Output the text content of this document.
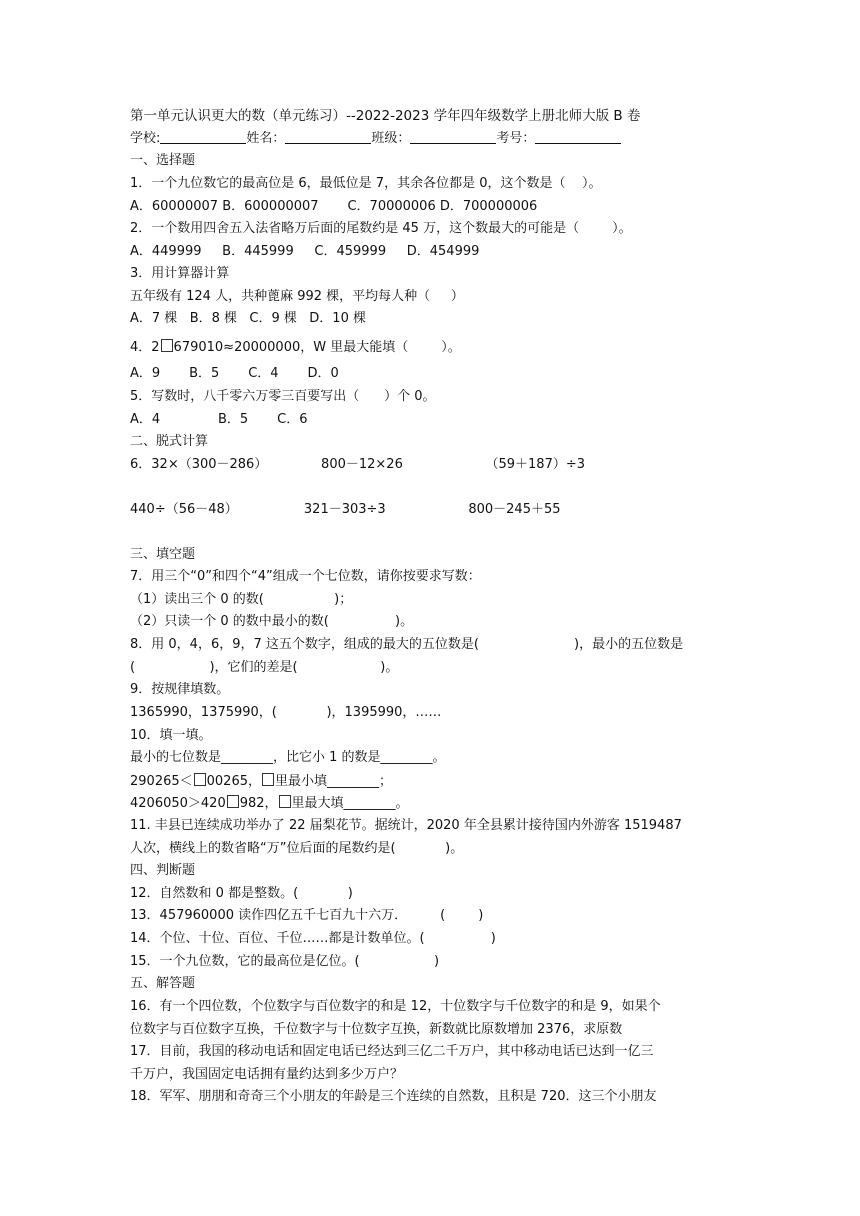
第一单元认识更大的数（单元练习）--2022-2023 学年四年级数学上册北师大版 B 卷
学校:	姓名：	班级：	考号：
一、选择题
1．一个九位数它的最高位是 6，最低位是 7，其余各位都是 0，这个数是（    ）。
A．60000007 B．600000007       C．70000006 D．700000006
2．一个数用四舍五入法省略万后面的尾数约是 45 万，这个数最大的可能是（        ）。
A．449999     B．445999     C．459999     D．454999
3．用计算器计算
五年级有 124 人，共种蓖麻 992 棵，平均每人种（     ）
A．7 棵   B．8 棵   C．9 棵   D．10 棵
4．2 679010≈20000000，W 里最大能填（        ）。
A．9       B．5       C．4       D．0
5．写数时，八千零六万零三百要写出（      ）个 0。
A．4              B．5       C．6
二、脱式计算
6．32×（300－286）             800－12×26                    （59＋187）÷3
440÷（56－48）                321－303÷3                    800－245＋55
三、填空题
7．用三个“0”和四个“4”组成一个七位数，请你按要求写数：
（1）读出三个 0 的数(                 )；
（2）只读一个 0 的数中最小的数(                )。
8．用 0，4，6，9，7 这五个数字，组成的最大的五位数是(                       )，最小的五位数是
(                  )，它们的差是(                    )。
9．按规律填数。
1365990，1375990，(            )，1395990，……
10．填一填。
最小的七位数是________，比它小 1 的数是________。
290265＜ 00265， 里最小填________；
4206050＞420 982， 里最大填________。
11. 丰县已连续成功举办了 22 届梨花节。据统计，2020 年全县累计接待国内外游客 1519487
人次，横线上的数省略“万”位后面的尾数约是(            )。
四、判断题
12．自然数和 0 都是整数。(            )
13．457960000 读作四亿五千七百九十六万．        (        )
14．个位、十位、百位、千位……都是计数单位。(                )
15．一个九位数，它的最高位是亿位。(                  )
五、解答题
16．有一个四位数，个位数字与百位数字的和是 12，十位数字与千位数字的和是 9，如果个
位数字与百位数字互换，千位数字与十位数字互换，新数就比原数增加 2376，求原数
17．目前，我国的移动电话和固定电话已经达到三亿二千万户，其中移动电话已达到一亿三
千万户，我国固定电话拥有量约达到多少万户？
18．军军、朋朋和奇奇三个小朋友的年龄是三个连续的自然数，且积是 720．这三个小朋友
